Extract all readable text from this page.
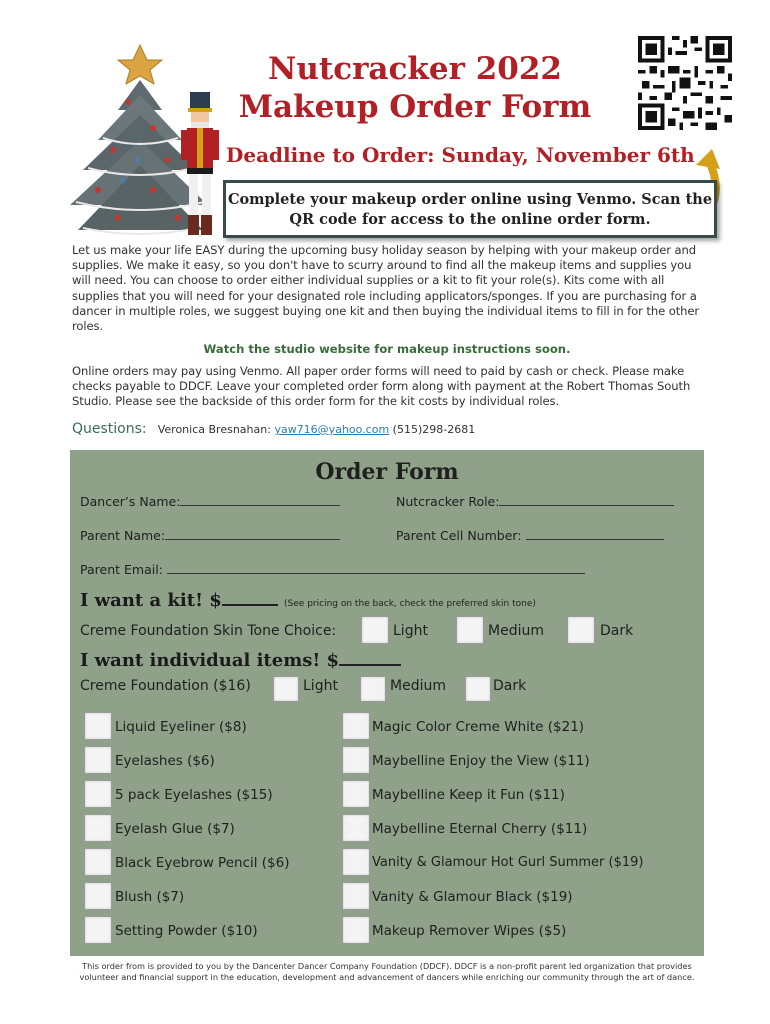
Nutcracker 2022
Makeup Order Form
Deadline to Order: Sunday, November 6th
Complete your makeup order online using Venmo. Scan the QR code for access to the online order form.
Let us make your life EASY during the upcoming busy holiday season by helping with your makeup order and supplies. We make it easy, so you don't have to scurry around to find all the makeup items and supplies you will need. You can choose to order either individual supplies or a kit to fit your role(s). Kits come with all supplies that you will need for your designated role including applicators/sponges. If you are purchasing for a dancer in multiple roles, we suggest buying one kit and then buying the individual items to fill in for the other roles.
Watch the studio website for makeup instructions soon.
Online orders may pay using Venmo. All paper order forms will need to paid by cash or check. Please make checks payable to DDCF. Leave your completed order form along with payment at the Robert Thomas South Studio. Please see the backside of this order form for the kit costs by individual roles.
Questions: Veronica Bresnahan: yaw716@yahoo.com (515)298-2681
Order Form
Dancer’s Name:	Nutcracker Role:
Parent Name:	Parent Cell Number:
Parent Email:
I want a kit! $	(See pricing on the back, check the preferred skin tone)
Creme Foundation Skin Tone Choice:	Light	Medium	Dark
I want individual items! $
Creme Foundation ($16)	Light	Medium	Dark
Liquid Eyeliner ($8)
Eyelashes ($6)
5 pack Eyelashes ($15)
Eyelash Glue ($7)
Black Eyebrow Pencil ($6)
Blush ($7)
Setting Powder ($10)
Magic Color Creme White ($21)
Maybelline Enjoy the View ($11)
Maybelline Keep it Fun ($11)
Maybelline Eternal Cherry ($11)
Vanity & Glamour Hot Gurl Summer ($19)
Vanity & Glamour Black ($19)
Makeup Remover Wipes ($5)
This order from is provided to you by the Dancenter Dancer Company Foundation (DDCF). DDCF is a non-profit parent led organization that provides volunteer and financial support in the education, development and advancement of dancers while enriching our community through the art of dance.
